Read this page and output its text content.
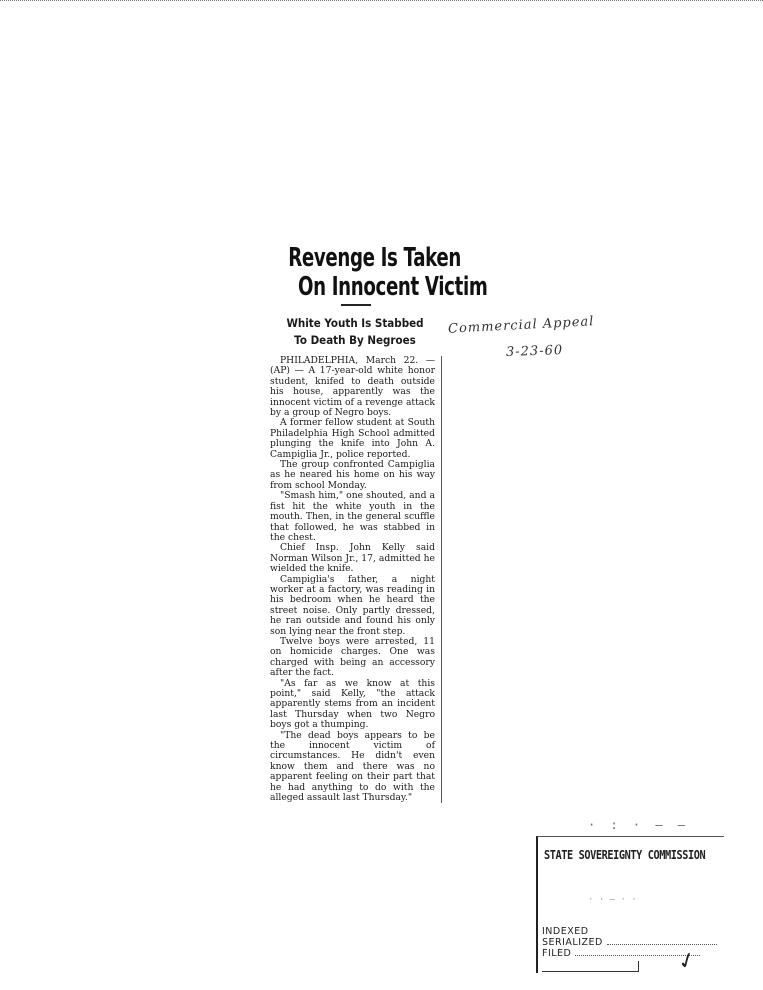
Revenge Is Taken
On Innocent Victim
White Youth Is Stabbed To Death By Negroes

PHILADELPHIA, March 22. — (AP) — A 17-year-old white honor student, knifed to death outside his house, apparently was the innocent victim of a revenge attack by a group of Negro boys.

A former fellow student at South Philadelphia High School admitted plunging the knife into John A. Campiglia Jr., police reported.

The group confronted Campiglia as he neared his home on his way from school Monday.

"Smash him," one shouted, and a fist hit the white youth in the mouth. Then, in the general scuffle that followed, he was stabbed in the chest.

Chief Insp. John Kelly said Norman Wilson Jr., 17, admitted he wielded the knife.

Campiglia's father, a night worker at a factory, was reading in his bedroom when he heard the street noise. Only partly dressed, he ran outside and found his only son lying near the front step.

Twelve boys were arrested, 11 on homicide charges. One was charged with being an accessory after the fact.

"As far as we know at this point," said Kelly, "the attack apparently stems from an incident last Thursday when two Negro boys got a thumping.

"The dead boys appears to be the innocent victim of circumstances. He didn't even know them and there was no apparent feeling on their part that he had anything to do with the alleged assault last Thursday."

Commercial Appeal
3-23-60
· : · – –
STATE SOVEREIGNTY COMMISSION
· · — · ·
INDEXED
SERIALIZED
FILED	✓
